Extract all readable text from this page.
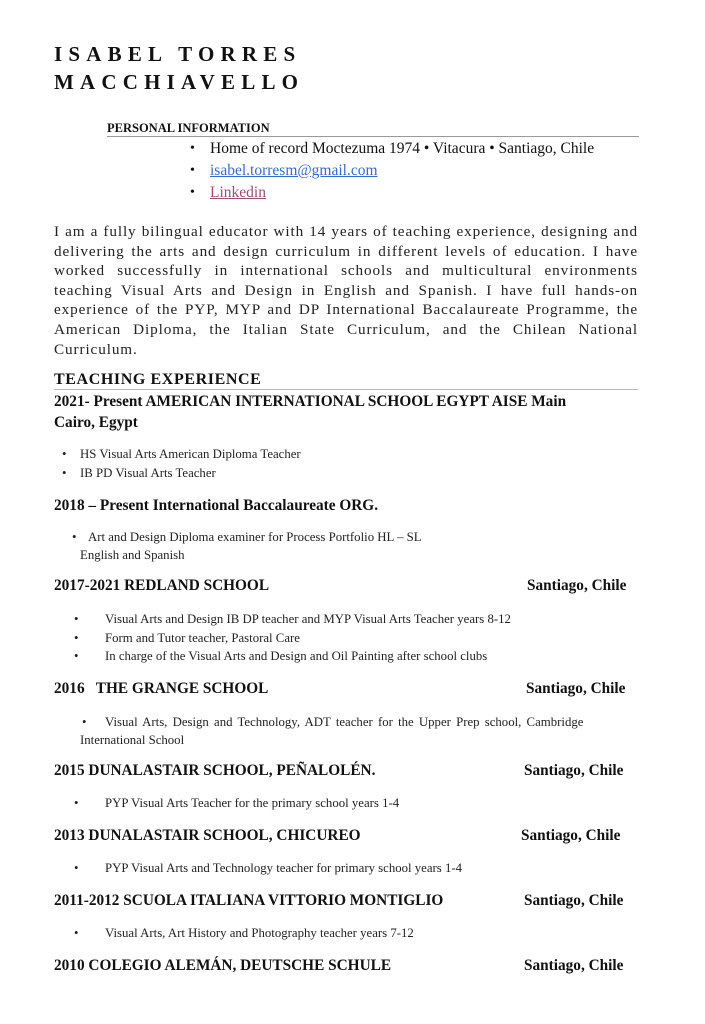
ISABEL TORRES
MACCHIAVELLO
PERSONAL INFORMATION
• Home of record Moctezuma 1974 • Vitacura • Santiago, Chile
• isabel.torresm@gmail.com
• Linkedin
I am a fully bilingual educator with 14 years of teaching experience, designing and delivering the arts and design curriculum in different levels of education. I have worked successfully in international schools and multicultural environments teaching Visual Arts and Design in English and Spanish. I have full hands-on experience of the PYP, MYP and DP International Baccalaureate Programme, the American Diploma, the Italian State Curriculum, and the Chilean National Curriculum.
TEACHING EXPERIENCE
2021- Present AMERICAN INTERNATIONAL SCHOOL EGYPT AISE Main
Cairo, Egypt
• HS Visual Arts American Diploma Teacher
• IB PD Visual Arts Teacher
2018 – Present International Baccalaureate ORG.
• Art and Design Diploma examiner for Process Portfolio HL – SL
English and Spanish
2017-2021 REDLAND SCHOOL	Santiago, Chile
• Visual Arts and Design IB DP teacher and MYP Visual Arts Teacher years 8-12
• Form and Tutor teacher, Pastoral Care
• In charge of the Visual Arts and Design and Oil Painting after school clubs
2016   THE GRANGE SCHOOL	Santiago, Chile
• Visual Arts, Design and Technology, ADT teacher for the Upper Prep school, Cambridge
International School
2015 DUNALASTAIR SCHOOL, PEÑALOLÉN.	Santiago, Chile
• PYP Visual Arts Teacher for the primary school years 1-4
2013 DUNALASTAIR SCHOOL, CHICUREO	Santiago, Chile
• PYP Visual Arts and Technology teacher for primary school years 1-4
2011-2012 SCUOLA ITALIANA VITTORIO MONTIGLIO	Santiago, Chile
• Visual Arts, Art History and Photography teacher years 7-12
2010 COLEGIO ALEMÁN, DEUTSCHE SCHULE	Santiago, Chile
